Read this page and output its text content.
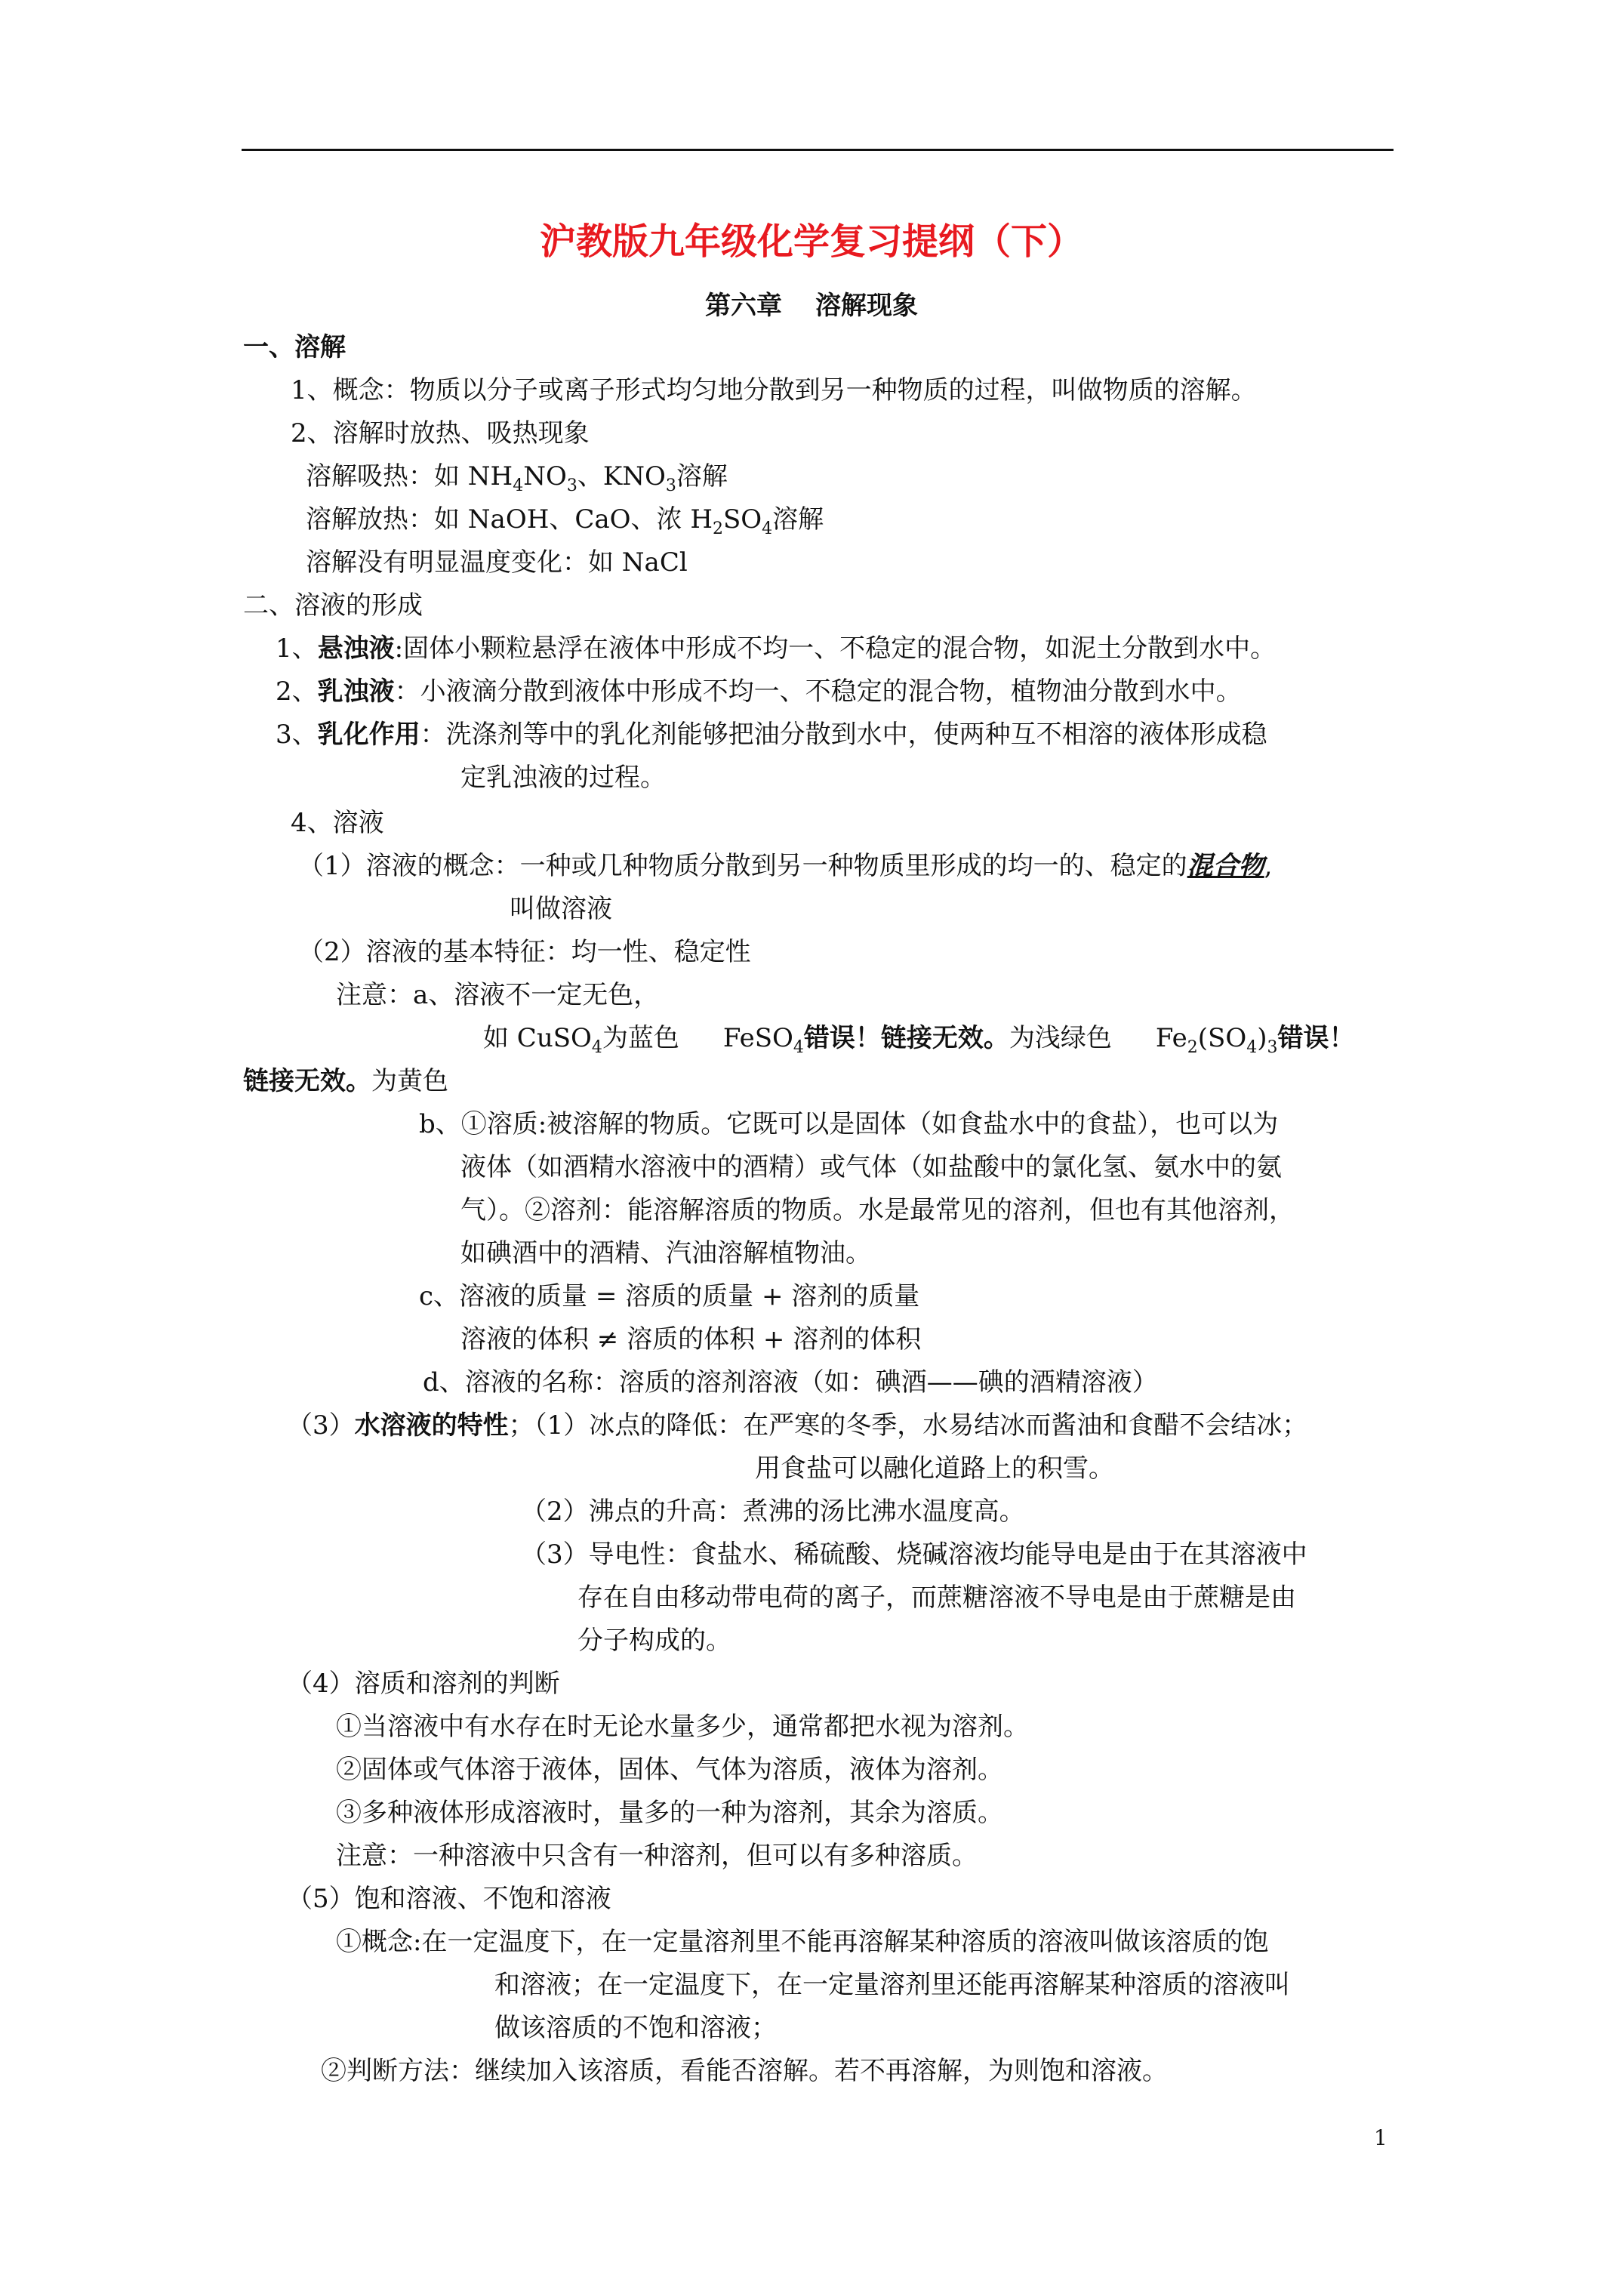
沪教版九年级化学复习提纲（下）
第六章 溶解现象
一、溶解
1、概念：物质以分子或离子形式均匀地分散到另一种物质的过程，叫做物质的溶解。
2、溶解时放热、吸热现象
溶解吸热：如 $NH_4NO_3$、$KNO_3$溶解
溶解放热：如 NaOH、CaO、浓 $H_2SO_4$溶解
溶解没有明显温度变化：如 NaCl
二、溶液的形成
1、悬浊液:固体小颗粒悬浮在液体中形成不均一、不稳定的混合物，如泥土分散到水中。
2、乳浊液：小液滴分散到液体中形成不均一、不稳定的混合物，植物油分散到水中。
3、乳化作用：洗涤剂等中的乳化剂能够把油分散到水中，使两种互不相溶的液体形成稳
定乳浊液的过程。
4、溶液
（1）溶液的概念：一种或几种物质分散到另一种物质里形成的均一的、稳定的混合物,
叫做溶液
（2）溶液的基本特征：均一性、稳定性
注意：a、溶液不一定无色，
如 CuSO$_4$为蓝色 FeSO$_4$错误！链接无效。为浅绿色 $Fe_2(SO_4)_3$错误！
链接无效。为黄色
b、①溶质:被溶解的物质。它既可以是固体（如食盐水中的食盐），也可以为
液体（如酒精水溶液中的酒精）或气体（如盐酸中的氯化氢、氨水中的氨
气）。②溶剂：能溶解溶质的物质。水是最常见的溶剂，但也有其他溶剂，
如碘酒中的酒精、汽油溶解植物油。
c、溶液的质量 = 溶质的质量 + 溶剂的质量
溶液的体积 ≠ 溶质的体积 + 溶剂的体积
d、溶液的名称：溶质的溶剂溶液（如：碘酒——碘的酒精溶液）
（3）水溶液的特性；（1）冰点的降低：在严寒的冬季，水易结冰而酱油和食醋不会结冰；
用食盐可以融化道路上的积雪。
（2）沸点的升高：煮沸的汤比沸水温度高。
（3）导电性：食盐水、稀硫酸、烧碱溶液均能导电是由于在其溶液中
存在自由移动带电荷的离子，而蔗糖溶液不导电是由于蔗糖是由
分子构成的。
（4）溶质和溶剂的判断
①当溶液中有水存在时无论水量多少，通常都把水视为溶剂。
②固体或气体溶于液体，固体、气体为溶质，液体为溶剂。
③多种液体形成溶液时，量多的一种为溶剂，其余为溶质。
注意：一种溶液中只含有一种溶剂，但可以有多种溶质。
（5）饱和溶液、不饱和溶液
①概念:在一定温度下，在一定量溶剂里不能再溶解某种溶质的溶液叫做该溶质的饱
和溶液；在一定温度下，在一定量溶剂里还能再溶解某种溶质的溶液叫
做该溶质的不饱和溶液；
②判断方法：继续加入该溶质，看能否溶解。若不再溶解，为则饱和溶液。
1
